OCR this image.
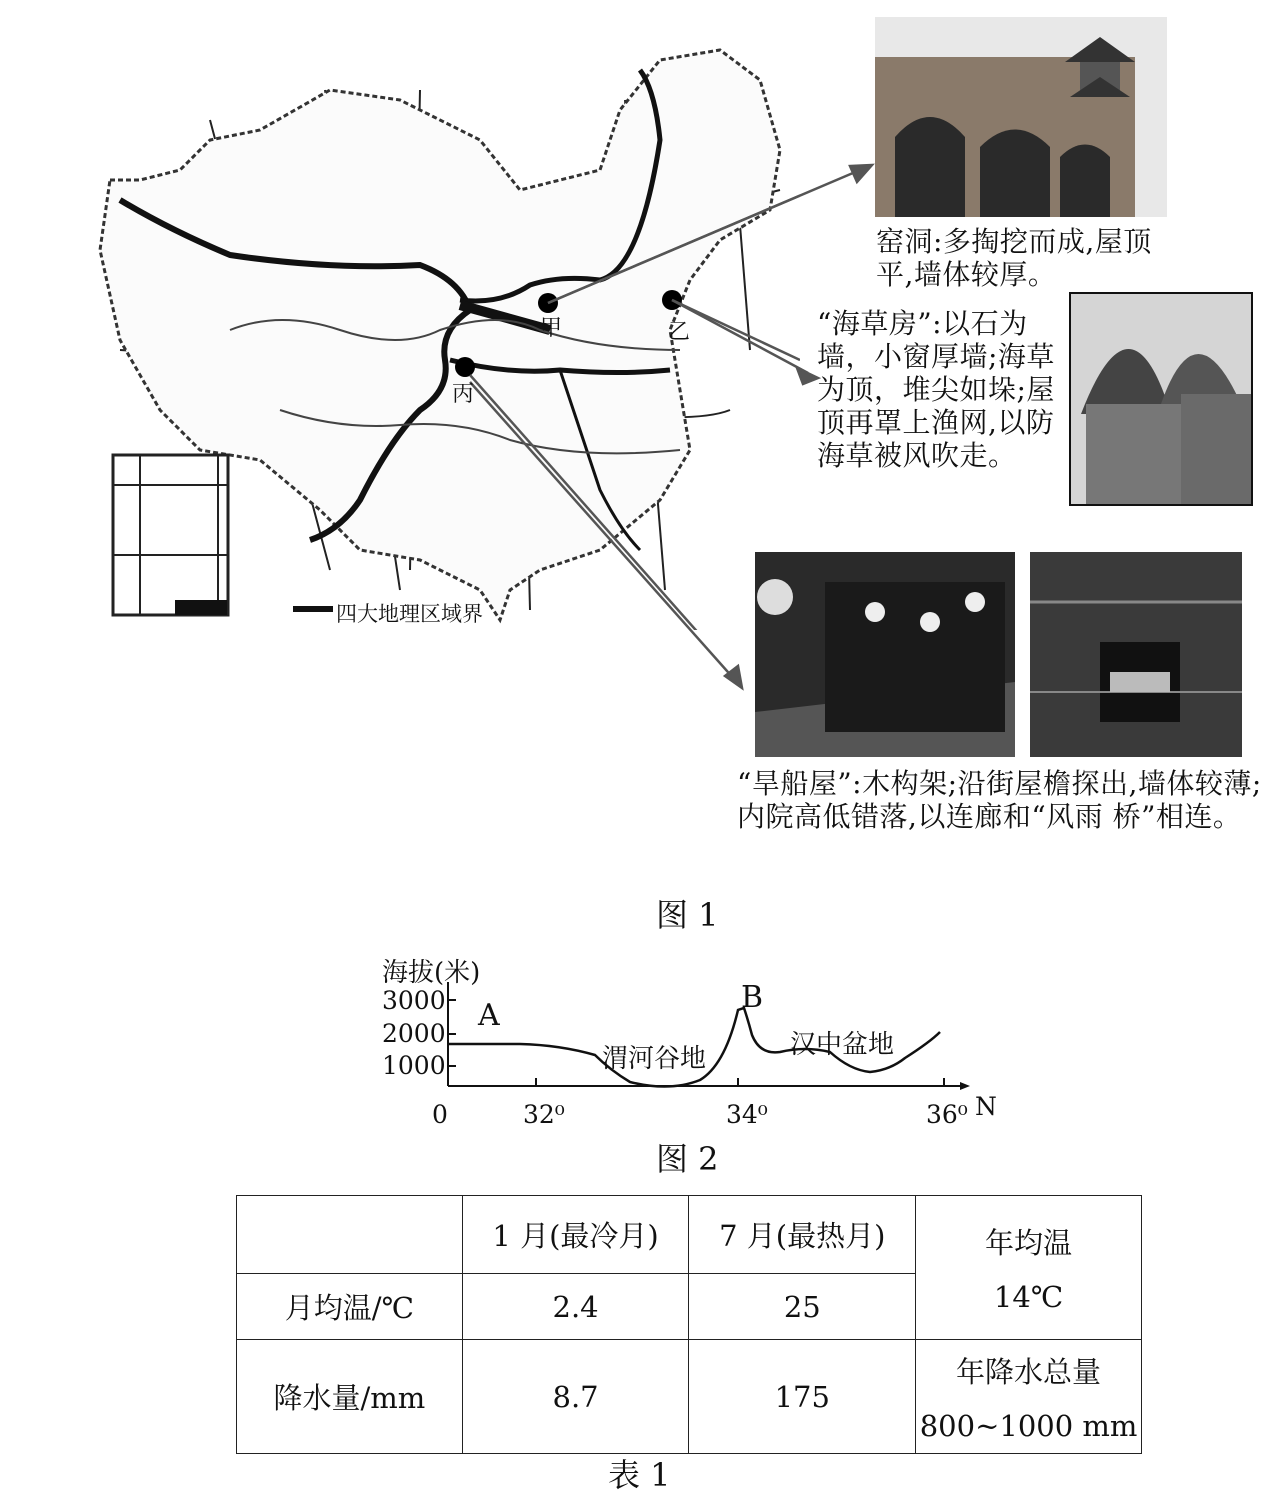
甲	乙
丙
四大地理区域界
窑洞:多掏挖而成,屋顶平,墙体较厚。
“海草房”:以石为墙，小窗厚墙;海草为顶，堆尖如垛;屋顶再罩上渔网,以防海草被风吹走。
“旱船屋”:木构架;沿街屋檐探出,墙体较薄;内院高低错落,以连廊和“风雨 桥”相连。
图 1
海拔(米)
3000
2000
1000
0	32⁰	34⁰	36⁰ N
A
B
渭河谷地	汉中盆地
图 2
	1 月(最冷月)	7 月(最热月)	年均温
14℃

月均温/℃	2.4	25	
降水量/mm	8.7	175	年降水总量
800~1000 mm
表 1
